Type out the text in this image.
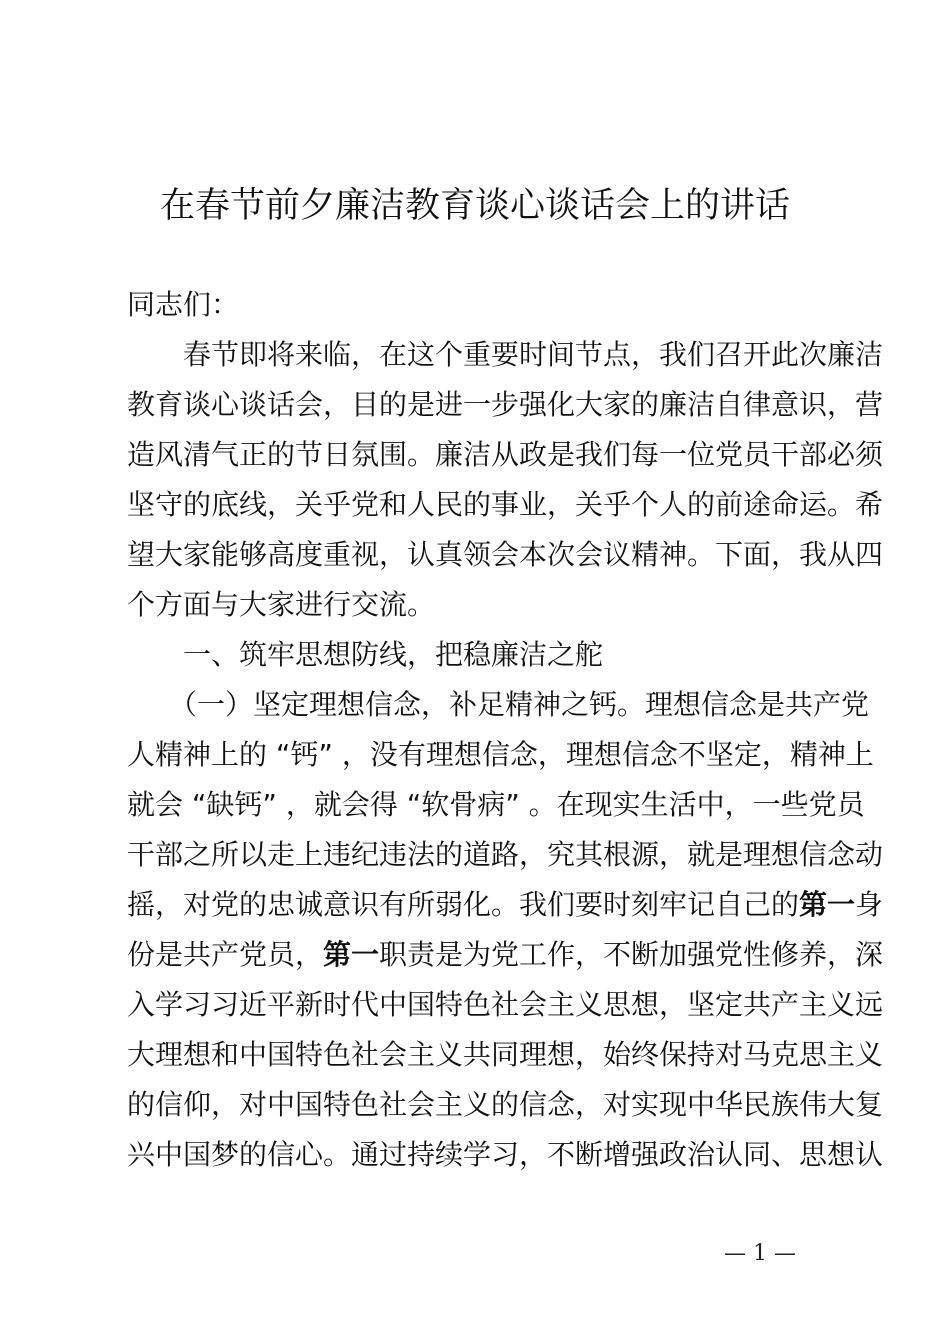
在春节前夕廉洁教育谈心谈话会上的讲话
同志们：
　　春节即将来临，在这个重要时间节点，我们召开此次廉洁
教育谈心谈话会，目的是进一步强化大家的廉洁自律意识，营
造风清气正的节日氛围。廉洁从政是我们每一位党员干部必须
坚守的底线，关乎党和人民的事业，关乎个人的前途命运。希
望大家能够高度重视，认真领会本次会议精神。下面，我从四
个方面与大家进行交流。
　　一、筑牢思想防线，把稳廉洁之舵
　　（一）坚定理想信念，补足精神之钙。理想信念是共产党
人精神上的 “钙” ，没有理想信念，理想信念不坚定，精神上
就会 “缺钙” ，就会得 “软骨病” 。在现实生活中，一些党员
干部之所以走上违纪违法的道路，究其根源，就是理想信念动
摇，对党的忠诚意识有所弱化。我们要时刻牢记自己的第一身
份是共产党员，第一职责是为党工作，不断加强党性修养，深
入学习习近平新时代中国特色社会主义思想，坚定共产主义远
大理想和中国特色社会主义共同理想，始终保持对马克思主义
的信仰，对中国特色社会主义的信念，对实现中华民族伟大复
兴中国梦的信心。通过持续学习，不断增强政治认同、思想认
— 1 —
